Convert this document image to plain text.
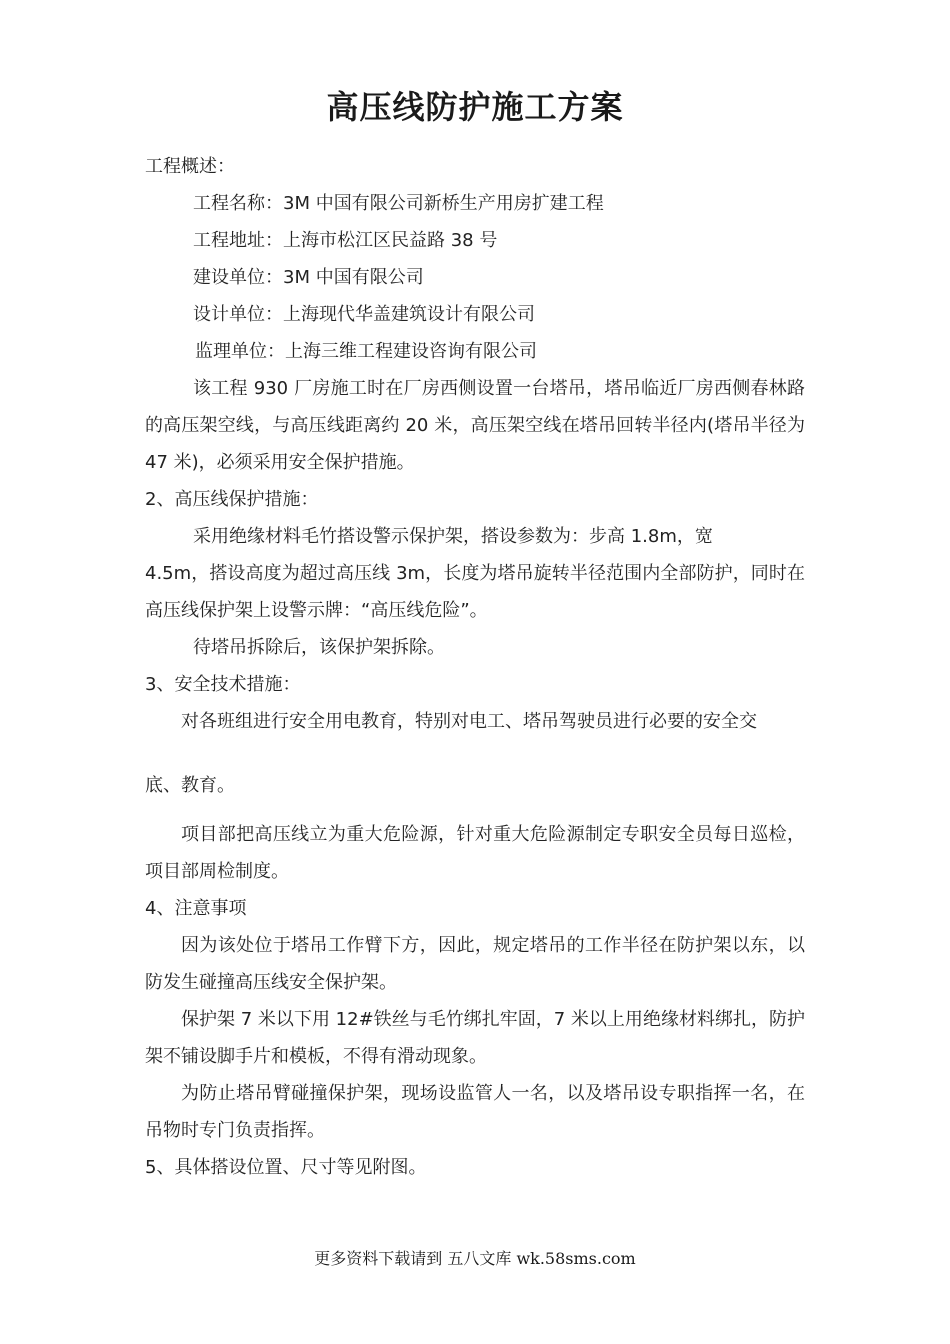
高压线防护施工方案

工程概述：

工程名称：3M 中国有限公司新桥生产用房扩建工程

工程地址：上海市松江区民益路 38 号

建设单位：3M 中国有限公司

设计单位：上海现代华盖建筑设计有限公司

监理单位：上海三维工程建设咨询有限公司

该工程 930 厂房施工时在厂房西侧设置一台塔吊，塔吊临近厂房西侧春林路的高压架空线，与高压线距离约 20 米，高压架空线在塔吊回转半径内(塔吊半径为 47 米)，必须采用安全保护措施。

2、高压线保护措施：

采用绝缘材料毛竹搭设警示保护架，搭设参数为：步高 1.8m，宽

4.5m，搭设高度为超过高压线 3m，长度为塔吊旋转半径范围内全部防护，同时在高压线保护架上设警示牌：“高压线危险”。

待塔吊拆除后，该保护架拆除。

3、安全技术措施：

对各班组进行安全用电教育，特别对电工、塔吊驾驶员进行必要的安全交

底、教育。

项目部把高压线立为重大危险源，针对重大危险源制定专职安全员每日巡检，项目部周检制度。

4、注意事项

因为该处位于塔吊工作臂下方，因此，规定塔吊的工作半径在防护架以东，以防发生碰撞高压线安全保护架。

保护架 7 米以下用 12#铁丝与毛竹绑扎牢固，7 米以上用绝缘材料绑扎，防护架不铺设脚手片和模板，不得有滑动现象。

为防止塔吊臂碰撞保护架，现场设监管人一名，以及塔吊设专职指挥一名，在吊物时专门负责指挥。

5、具体搭设位置、尺寸等见附图。

更多资料下载请到 五八文库 wk.58sms.com
